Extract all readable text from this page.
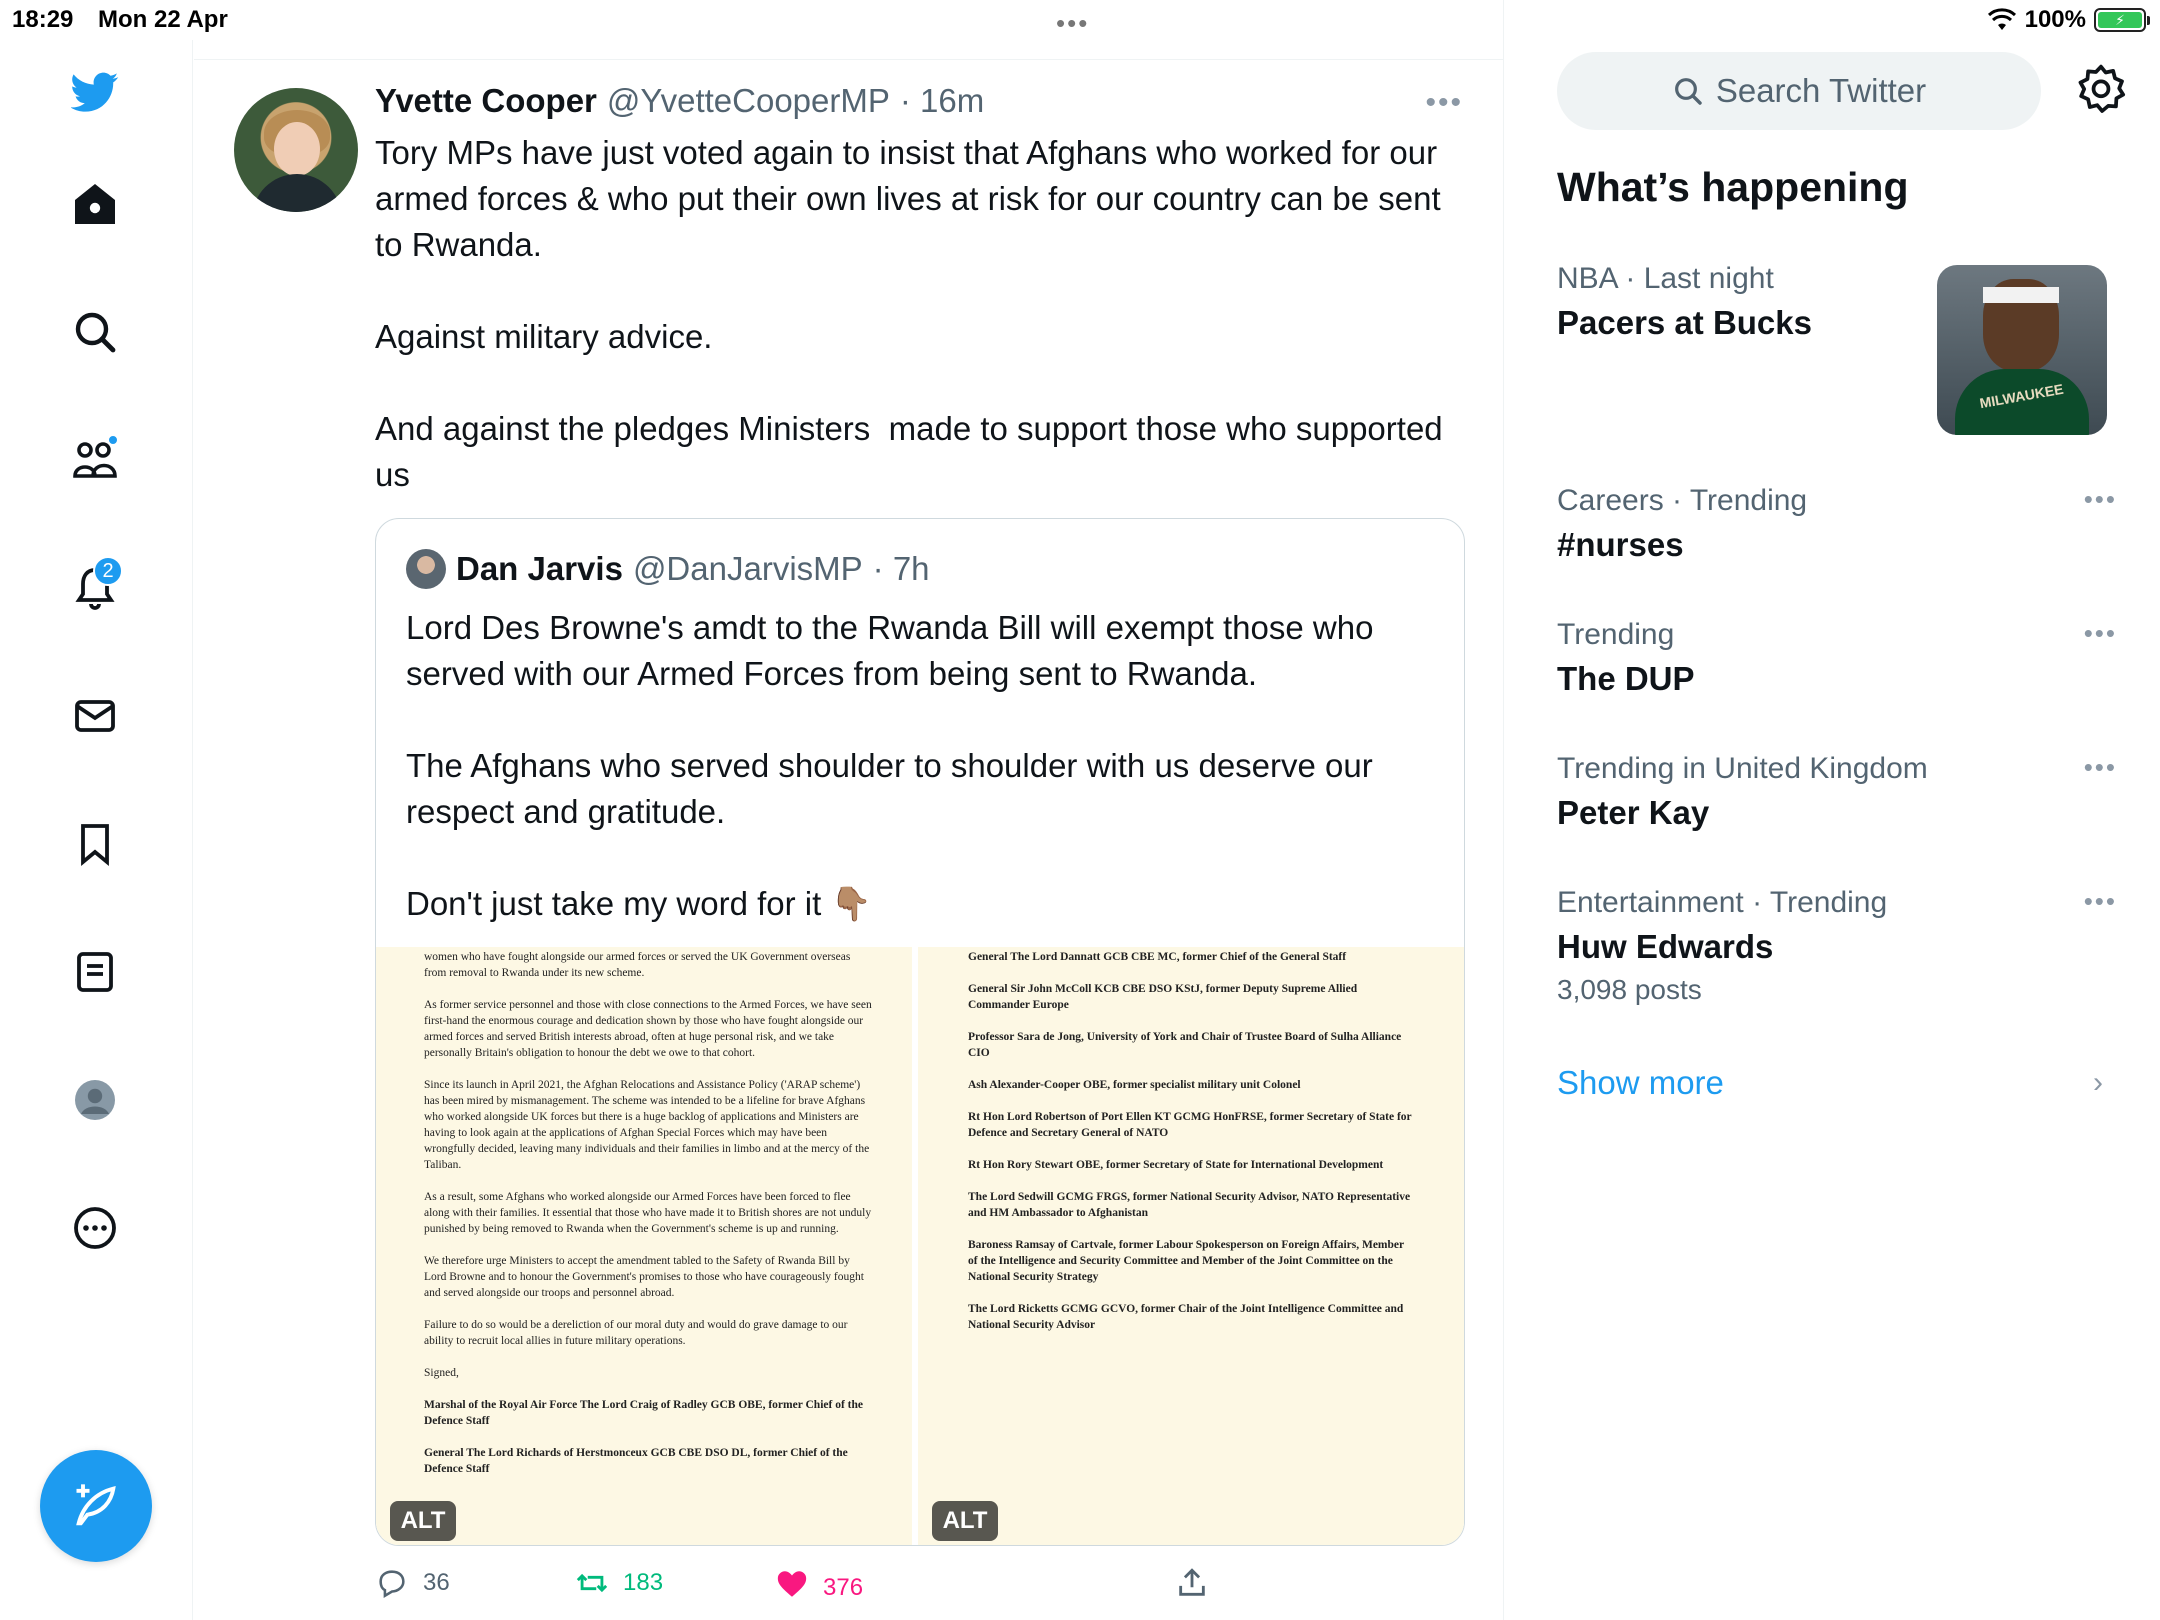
18:29 Mon 22 Apr	•••	100%	⚡
2
Yvette Cooper @YvetteCooperMP · 16m	•••
Tory MPs have just voted again to insist that Afghans who worked for our armed forces & who put their own lives at risk for our country can be sent to Rwanda.

Against military advice.

And against the pledges Ministers  made to support those who supported us
Dan Jarvis @DanJarvisMP · 7h
Lord Des Browne's amdt to the Rwanda Bill will exempt those who served with our Armed Forces from being sent to Rwanda.

The Afghans who served shoulder to shoulder with us deserve our respect and gratitude.

Don't just take my word for it 👇🏽

women who have fought alongside our armed forces or served the UK Government overseas from removal to Rwanda under its new scheme.

As former service personnel and those with close connections to the Armed Forces, we have seen first-hand the enormous courage and dedication shown by those who have fought alongside our armed forces and served British interests abroad, often at huge personal risk, and we take personally Britain's obligation to honour the debt we owe to that cohort.

Since its launch in April 2021, the Afghan Relocations and Assistance Policy ('ARAP scheme') has been mired by mismanagement. The scheme was intended to be a lifeline for brave Afghans who worked alongside UK forces but there is a huge backlog of applications and Ministers are having to look again at the applications of Afghan Special Forces which may have been wrongfully decided, leaving many individuals and their families in limbo and at the mercy of the Taliban.

As a result, some Afghans who worked alongside our Armed Forces have been forced to flee along with their families. It essential that those who have made it to British shores are not unduly punished by being removed to Rwanda when the Government's scheme is up and running.

We therefore urge Ministers to accept the amendment tabled to the Safety of Rwanda Bill by Lord Browne and to honour the Government's promises to those who have courageously fought and served alongside our troops and personnel abroad.

Failure to do so would be a dereliction of our moral duty and would do grave damage to our ability to recruit local allies in future military operations.

Signed,

Marshal of the Royal Air Force The Lord Craig of Radley GCB OBE, former Chief of the Defence Staff

General The Lord Richards of Herstmonceux GCB CBE DSO DL, former Chief of the Defence Staff

ALT

General The Lord Dannatt GCB CBE MC, former Chief of the General Staff

General Sir John McColl KCB CBE DSO KStJ, former Deputy Supreme Allied Commander Europe

Professor Sara de Jong, University of York and Chair of Trustee Board of Sulha Alliance CIO

Ash Alexander-Cooper OBE, former specialist military unit Colonel

Rt Hon Lord Robertson of Port Ellen KT GCMG HonFRSE, former Secretary of State for Defence and Secretary General of NATO

Rt Hon Rory Stewart OBE, former Secretary of State for International Development

The Lord Sedwill GCMG FRGS, former National Security Advisor, NATO Representative and HM Ambassador to Afghanistan

Baroness Ramsay of Cartvale, former Labour Spokesperson on Foreign Affairs, Member of the Intelligence and Security Committee and Member of the Joint Committee on the National Security Strategy

The Lord Ricketts GCMG GCVO, former Chair of the Joint Intelligence Committee and National Security Advisor

ALT
36	183	376
Search Twitter
What’s happening
NBA · Last night
Pacers at Bucks
MILWAUKEE
Careers · Trending
#nurses
•••
Trending
The DUP
•••
Trending in United Kingdom
Peter Kay
•••
Entertainment · Trending
Huw Edwards
3,098 posts
•••
Show more	›
